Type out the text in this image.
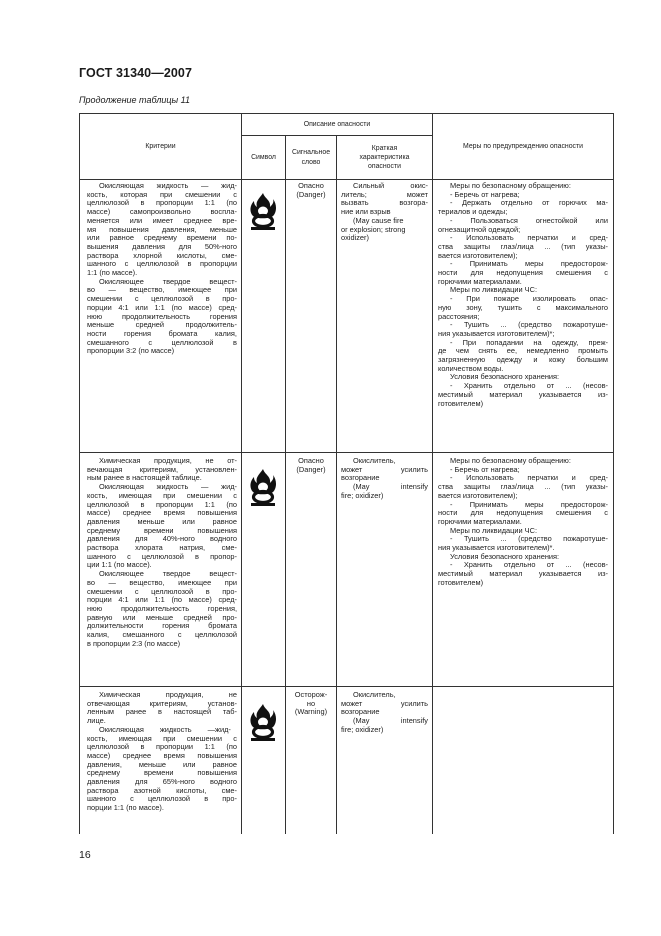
ГОСТ 31340—2007
Продолжение таблицы 11
Критерии
Описание опасности
Символ
Сигнальное
слово
Краткая
характеристика
опасности
Меры по предупреждению опасности

Окисляющая жидкость — жид-

кость, которая при смешении с

целлюлозой в пропорции 1:1 (по

массе) самопроизвольно воспла-

меняется или имеет среднее вре-

мя повышения давления, меньше

или равное среднему времени по-

вышения давления для 50%-ного

раствора хлорной кислоты, сме-

шанного с целлюлозой в пропорции

1:1 (по массе).

Окисляющее твердое вещест-

во — вещество, имеющее при

смешении с целлюлозой в про-

порции 4:1 или 1:1 (по массе) сред-

нюю продолжительность горения

меньше средней продолжитель-

ности горения бромата калия,

смешанного с целлюлозой в

пропорции 3:2 (по массе)

Опасно

(Danger)

Сильный окис-

литель; может

вызвать возгора-

ние или взрыв

(May cause fire

or explosion; strong

oxidizer)

Меры по безопасному обращению:

- Беречь от нагрева;

- Держать отдельно от горючих ма-

териалов и одежды;

- Пользоваться огнестойкой или

огнезащитной одеждой;

- Использовать перчатки и сред-

ства защиты глаз/лица ... (тип указы-

вается изготовителем);

- Принимать меры предосторож-

ности для недопущения смешения с

горючими материалами.

Меры по ликвидации ЧС:

- При пожаре изолировать опас-

ную зону, тушить с максимального

расстояния;

- Тушить ... (средство пожаротуше-

ния указывается изготовителем)*;

- При попадании на одежду, преж-

де чем снять ее, немедленно промыть

загрязненную одежду и кожу большим

количеством воды.

Условия безопасного хранения:

- Хранить отдельно от ... (несов-

местимый материал указывается из-

готовителем)

Химическая продукция, не от-

вечающая критериям, установлен-

ным ранее в настоящей таблице.

Окисляющая жидкость — жид-

кость, имеющая при смешении с

целлюлозой в пропорции 1:1 (по

массе) среднее время повышения

давления меньше или равное

среднему времени повышения

давления для 40%-ного водного

раствора хлората натрия, сме-

шанного с целлюлозой в пропор-

ции 1:1 (по массе).

Окисляющее твердое вещест-

во — вещество, имеющее при

смешении с целлюлозой в про-

порции 4:1 или 1:1 (по массе) сред-

нюю продолжительность горения,

равную или меньше средней про-

должительности горения бромата

калия, смешанного с целлюлозой

в пропорции 2:3 (по массе)

Опасно

(Danger)

Окислитель,

может усилить

возгорание

(May intensify

fire; oxidizer)

Меры по безопасному обращению:

- Беречь от нагрева;

- Использовать перчатки и сред-

ства защиты глаз/лица ... (тип указы-

вается изготовителем);

- Принимать меры предосторож-

ности для недопущения смешения с

горючими материалами.

Меры по ликвидации ЧС:

- Тушить ... (средство пожаротуше-

ния указывается изготовителем)*.

Условия безопасного хранения:

- Хранить отдельно от ... (несов-

местимый материал указывается из-

готовителем)

Химическая продукция, не

отвечающая критериям, установ-

ленным ранее в настоящей таб-

лице.

Окисляющая жидкость —

жид-

кость, имеющая при смешении с

целлюлозой в пропорции 1:1 (по

массе) среднее время повышения

давления, меньше или равное

среднему времени повышения

давления для 65%-ного водного

раствора азотной кислоты, сме-

шанного с целлюлозой в про-

порции 1:1 (по массе).

Осторож-

но

(Warning)

Окислитель,

может усилить

возгорание

(May intensify

fire; oxidizer)

16
